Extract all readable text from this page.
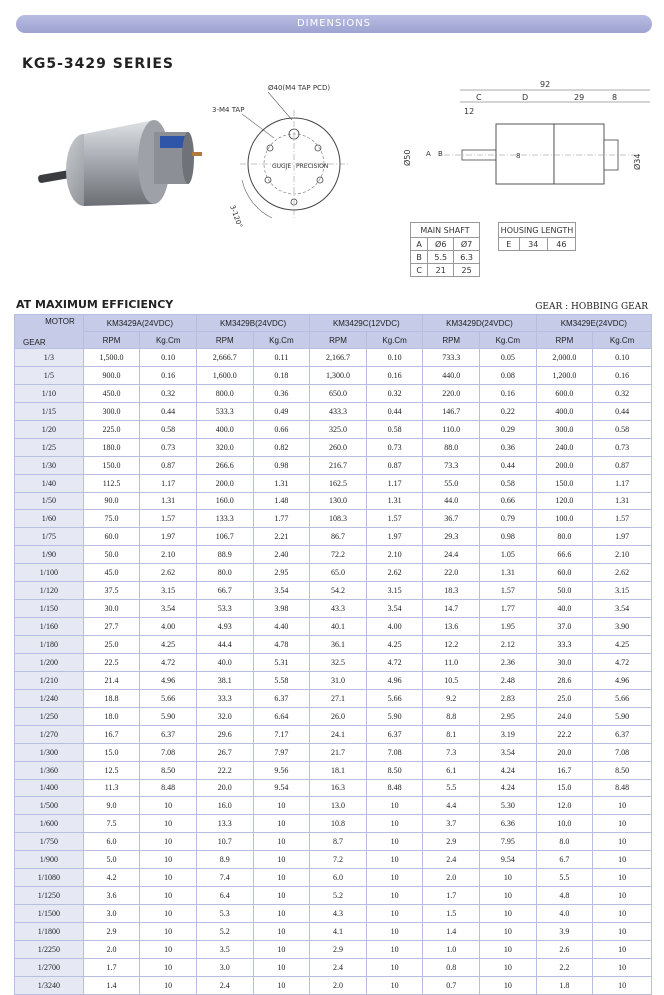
DIMENSIONS
KG5-3429 SERIES
Ø40(M4 TAP PCD)
3-M4 TAP
GUGJE PRECISION
3-120°
92
C	D	29	8
12
Ø50	Ø34
A B	8
MAIN SHAFT		
A	Ø6	Ø7
B	5.5	6.3
C	21	25
HOUSING LENGTH
E	34	46
AT MAXIMUM EFFICIENCY	GEAR : HOBBING GEAR
MOTOR
GEAR	KM3429A(24VDC)		KM3429B(24VDC)		KM3429C(12VDC)		KM3429D(24VDC)		KM3429E(24VDC)	
	RPM	Kg.Cm	RPM	Kg.Cm	RPM	Kg.Cm	RPM	Kg.Cm	RPM	Kg.Cm
1/3	1,500.0	0.10	2,666.7	0.11	2,166.7	0.10	733.3	0.05	2,000.0	0.10
1/5	900.0	0.16	1,600.0	0.18	1,300.0	0.16	440.0	0.08	1,200.0	0.16
1/10	450.0	0.32	800.0	0.36	650.0	0.32	220.0	0.16	600.0	0.32
1/15	300.0	0.44	533.3	0.49	433.3	0.44	146.7	0.22	400.0	0.44
1/20	225.0	0.58	400.0	0.66	325.0	0.58	110.0	0.29	300.0	0.58
1/25	180.0	0.73	320.0	0.82	260.0	0.73	88.0	0.36	240.0	0.73
1/30	150.0	0.87	266.6	0.98	216.7	0.87	73.3	0.44	200.0	0.87
1/40	112.5	1.17	200.0	1.31	162.5	1.17	55.0	0.58	150.0	1.17
1/50	90.0	1.31	160.0	1.48	130.0	1.31	44.0	0.66	120.0	1.31
1/60	75.0	1.57	133.3	1.77	108.3	1.57	36.7	0.79	100.0	1.57
1/75	60.0	1.97	106.7	2.21	86.7	1.97	29.3	0.98	80.0	1.97
1/90	50.0	2.10	88.9	2.40	72.2	2.10	24.4	1.05	66.6	2.10
1/100	45.0	2.62	80.0	2.95	65.0	2.62	22.0	1.31	60.0	2.62
1/120	37.5	3.15	66.7	3.54	54.2	3.15	18.3	1.57	50.0	3.15
1/150	30.0	3.54	53.3	3.98	43.3	3.54	14.7	1.77	40.0	3.54
1/160	27.7	4.00	4.93	4.40	40.1	4.00	13.6	1.95	37.0	3.90
1/180	25.0	4.25	44.4	4.78	36.1	4.25	12.2	2.12	33.3	4.25
1/200	22.5	4.72	40.0	5.31	32.5	4.72	11.0	2.36	30.0	4.72
1/210	21.4	4.96	38.1	5.58	31.0	4.96	10.5	2.48	28.6	4.96
1/240	18.8	5.66	33.3	6.37	27.1	5.66	9.2	2.83	25.0	5.66
1/250	18.0	5.90	32.0	6.64	26.0	5.90	8.8	2.95	24.0	5.90
1/270	16.7	6.37	29.6	7.17	24.1	6.37	8.1	3.19	22.2	6.37
1/300	15.0	7.08	26.7	7.97	21.7	7.08	7.3	3.54	20.0	7.08
1/360	12.5	8.50	22.2	9.56	18.1	8.50	6.1	4.24	16.7	8.50
1/400	11.3	8.48	20.0	9.54	16.3	8.48	5.5	4.24	15.0	8.48
1/500	9.0	10	16.0	10	13.0	10	4.4	5.30	12.0	10
1/600	7.5	10	13.3	10	10.8	10	3.7	6.36	10.0	10
1/750	6.0	10	10.7	10	8.7	10	2.9	7.95	8.0	10
1/900	5.0	10	8.9	10	7.2	10	2.4	9.54	6.7	10
1/1080	4.2	10	7.4	10	6.0	10	2.0	10	5.5	10
1/1250	3.6	10	6.4	10	5.2	10	1.7	10	4.8	10
1/1500	3.0	10	5.3	10	4.3	10	1.5	10	4.0	10
1/1800	2.9	10	5.2	10	4.1	10	1.4	10	3.9	10
1/2250	2.0	10	3.5	10	2.9	10	1.0	10	2.6	10
1/2700	1.7	10	3.0	10	2.4	10	0.8	10	2.2	10
1/3240	1.4	10	2.4	10	2.0	10	0.7	10	1.8	10
